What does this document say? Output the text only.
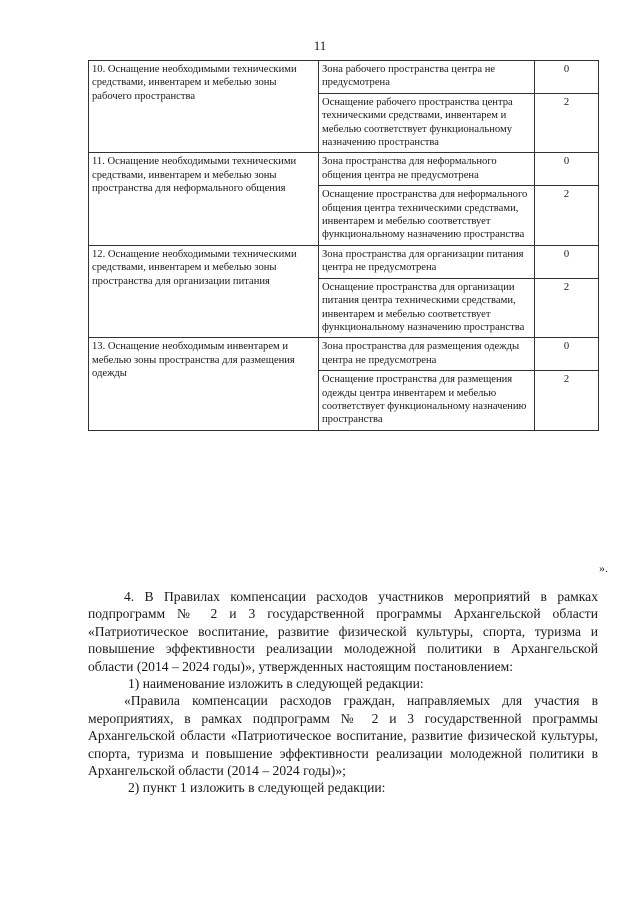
11
10. Оснащение необходимыми техническими средствами, инвентарем и мебелью зоны рабочего пространства	Зона рабочего пространства центра не предусмотрена	0
	Оснащение рабочего пространства центра техническими средствами, инвентарем и мебелью соответствует функциональному назначению пространства	2
11. Оснащение необходимыми техническими средствами, инвентарем и мебелью зоны пространства для неформального общения	Зона пространства для неформального общения центра не предусмотрена	0
	Оснащение пространства для неформального общения центра техническими средствами, инвентарем и мебелью соответствует функциональному назначению пространства	2
12. Оснащение необходимыми техническими средствами, инвентарем и мебелью зоны пространства для организации питания	Зона пространства для организации питания центра не предусмотрена	0
	Оснащение пространства для организации питания центра техническими средствами, инвентарем и мебелью соответствует функциональному назначению пространства	2
13. Оснащение необходимым инвентарем и мебелью зоны пространства для размещения одежды	Зона пространства для размещения одежды центра не предусмотрена	0
	Оснащение пространства для размещения одежды центра инвентарем и мебелью соответствует функциональному назначению пространства	2
».

4. В Правилах компенсации расходов участников мероприятий в рамках подпрограмм № 2 и 3 государственной программы Архангельской области «Патриотическое воспитание, развитие физической культуры, спорта, туризма и повышение эффективности реализации молодежной политики в Архангельской области (2014 – 2024 годы)», утвержденных настоящим постановлением:

1) наименование изложить в следующей редакции:

«Правила компенсации расходов граждан, направляемых для участия в мероприятиях, в рамках подпрограмм № 2 и 3 государственной программы Архангельской области «Патриотическое воспитание, развитие физической культуры, спорта, туризма и повышение эффективности реализации молодежной политики в Архангельской области (2014 – 2024 годы)»;

2) пункт 1 изложить в следующей редакции:
